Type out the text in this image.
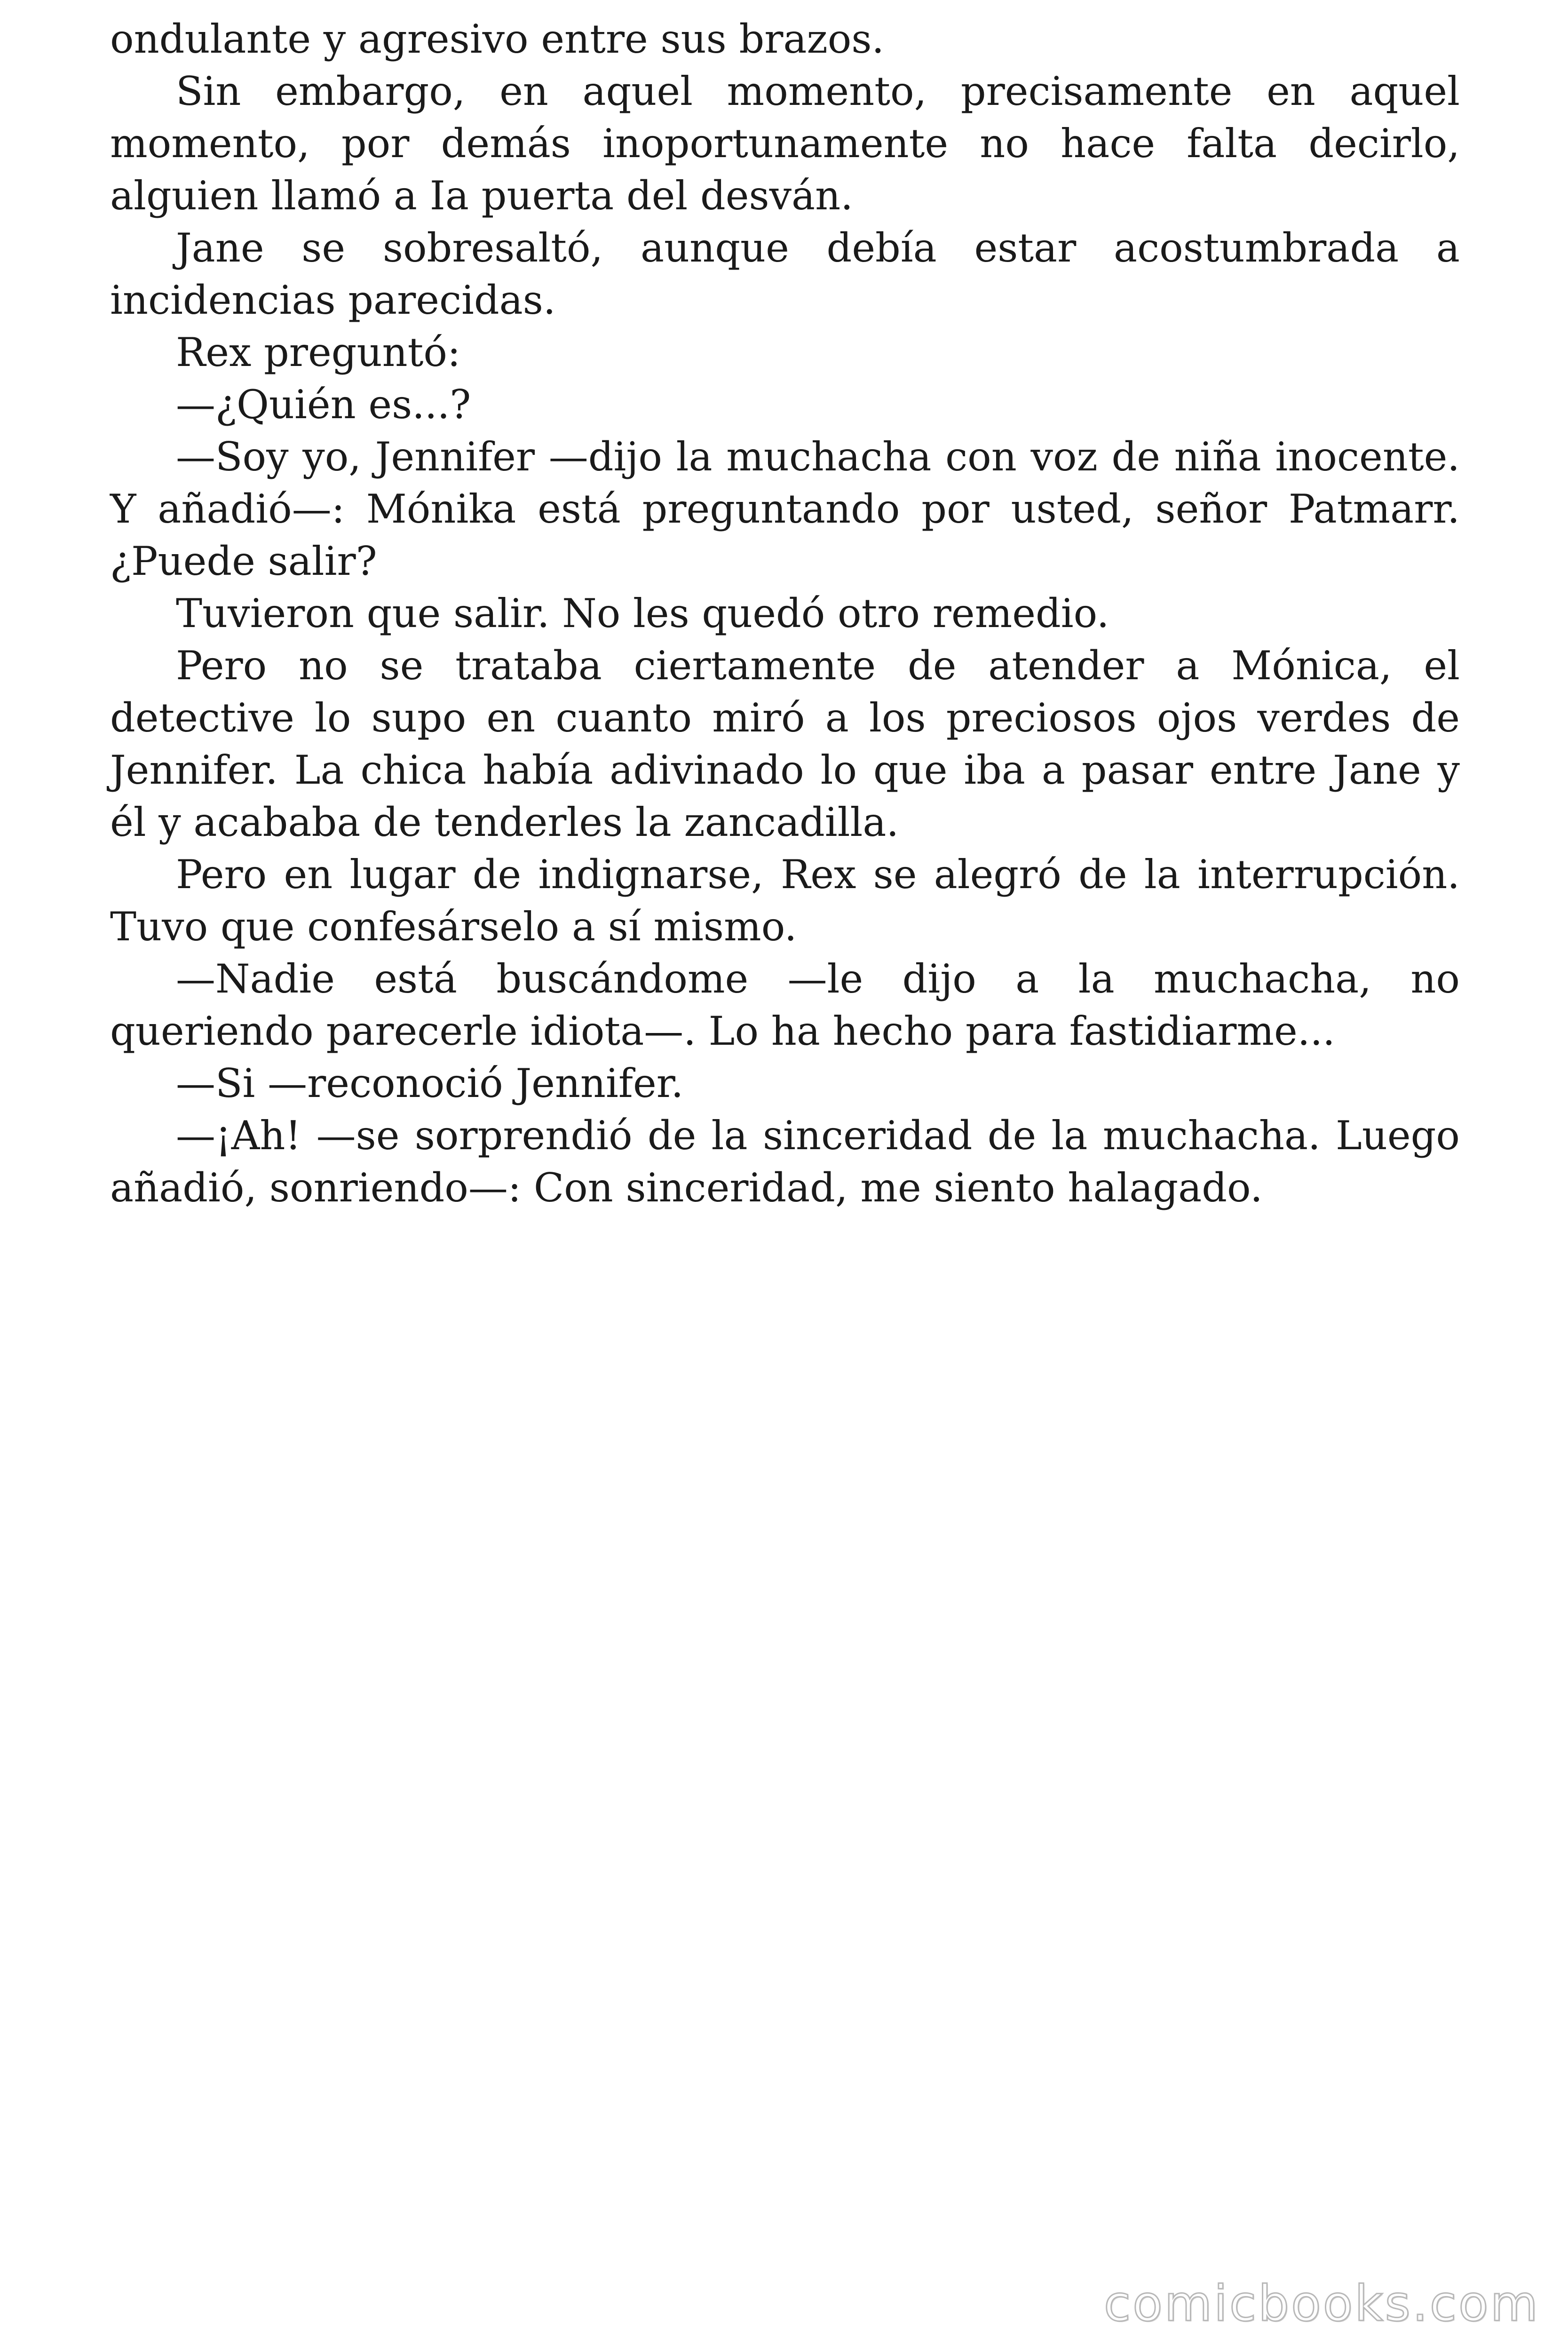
ondulante y agresivo entre sus brazos.

Sin embargo, en aquel momento, precisamente en aquel momento, por demás inoportunamente no hace falta decirlo, alguien llamó a Ia puerta del desván.

Jane se sobresaltó, aunque debía estar acostumbrada a incidencias parecidas.

Rex preguntó:

—¿Quién es...?

—Soy yo, Jennifer —dijo la muchacha con voz de niña inocente. Y añadió—: Mónika está preguntando por usted, señor Patmarr. ¿Puede salir?

Tuvieron que salir. No les quedó otro remedio.

Pero no se trataba ciertamente de atender a Mónica, el detective lo supo en cuanto miró a los preciosos ojos verdes de Jennifer. La chica había adivinado lo que iba a pasar entre Jane y él y acababa de tenderles la zancadilla.

Pero en lugar de indignarse, Rex se alegró de la interrupción. Tuvo que confesárselo a sí mismo.

—Nadie está buscándome —le dijo a la muchacha, no queriendo parecerle idiota—. Lo ha hecho para fastidiarme...

—Si —reconoció Jennifer.

—¡Ah! —se sorprendió de la sinceridad de la muchacha. Luego añadió, sonriendo—: Con sinceridad, me siento halagado.

comicbooks.com
